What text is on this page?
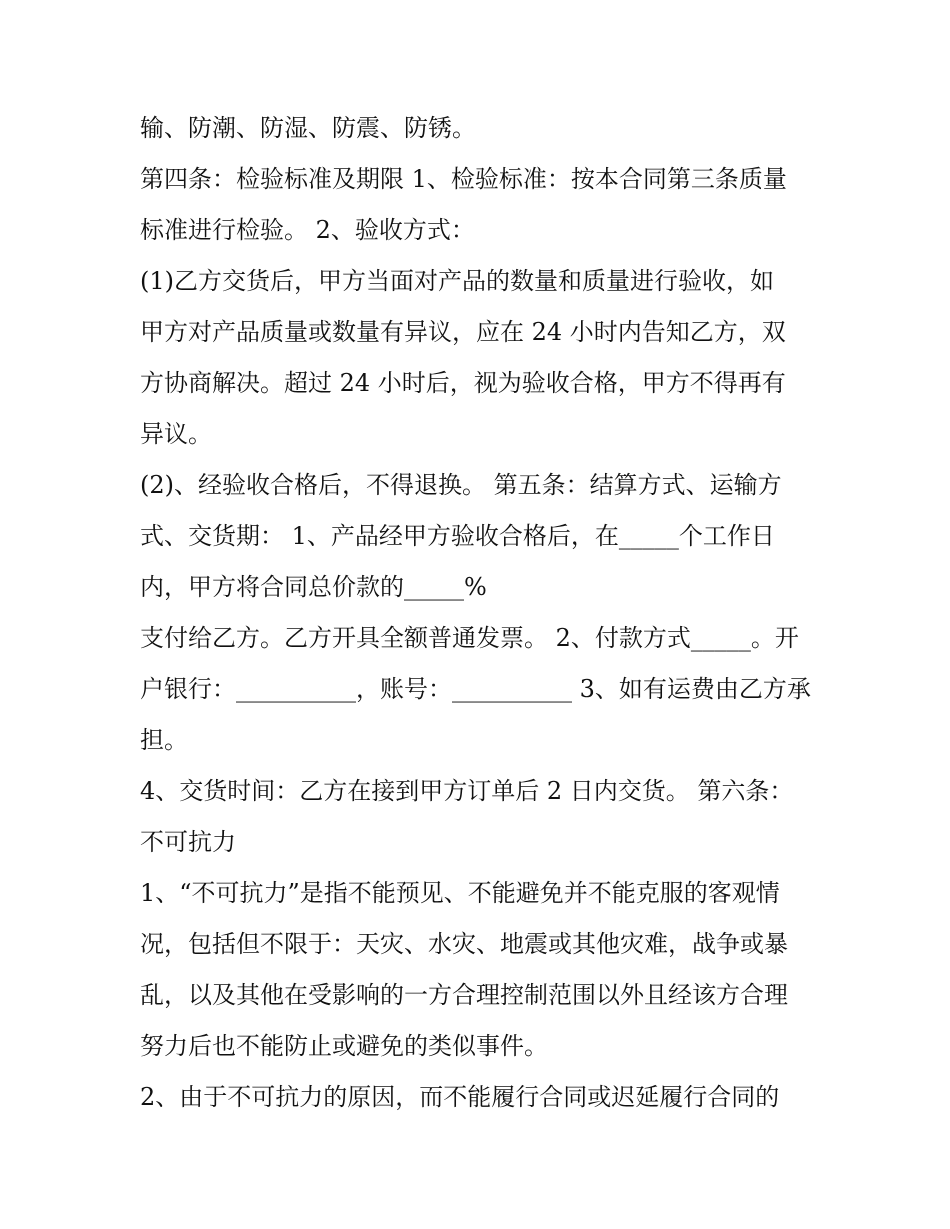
输、防潮、防湿、防震、防锈。
第四条：检验标准及期限 1、检验标准：按本合同第三条质量
标准进行检验。 2、验收方式：
(1)乙方交货后，甲方当面对产品的数量和质量进行验收，如
甲方对产品质量或数量有异议，应在 24 小时内告知乙方，双
方协商解决。超过 24 小时后，视为验收合格，甲方不得再有
异议。
(2)、经验收合格后，不得退换。 第五条：结算方式、运输方
式、交货期： 1、产品经甲方验收合格后，在_____个工作日
内，甲方将合同总价款的_____%
支付给乙方。乙方开具全额普通发票。 2、付款方式_____。开
户银行：__________，账号：__________ 3、如有运费由乙方承
担。
4、交货时间：乙方在接到甲方订单后 2 日内交货。 第六条：
不可抗力
1、“不可抗力”是指不能预见、不能避免并不能克服的客观情
况，包括但不限于：天灾、水灾、地震或其他灾难，战争或暴
乱，以及其他在受影响的一方合理控制范围以外且经该方合理
努力后也不能防止或避免的类似事件。
2、由于不可抗力的原因，而不能履行合同或迟延履行合同的
